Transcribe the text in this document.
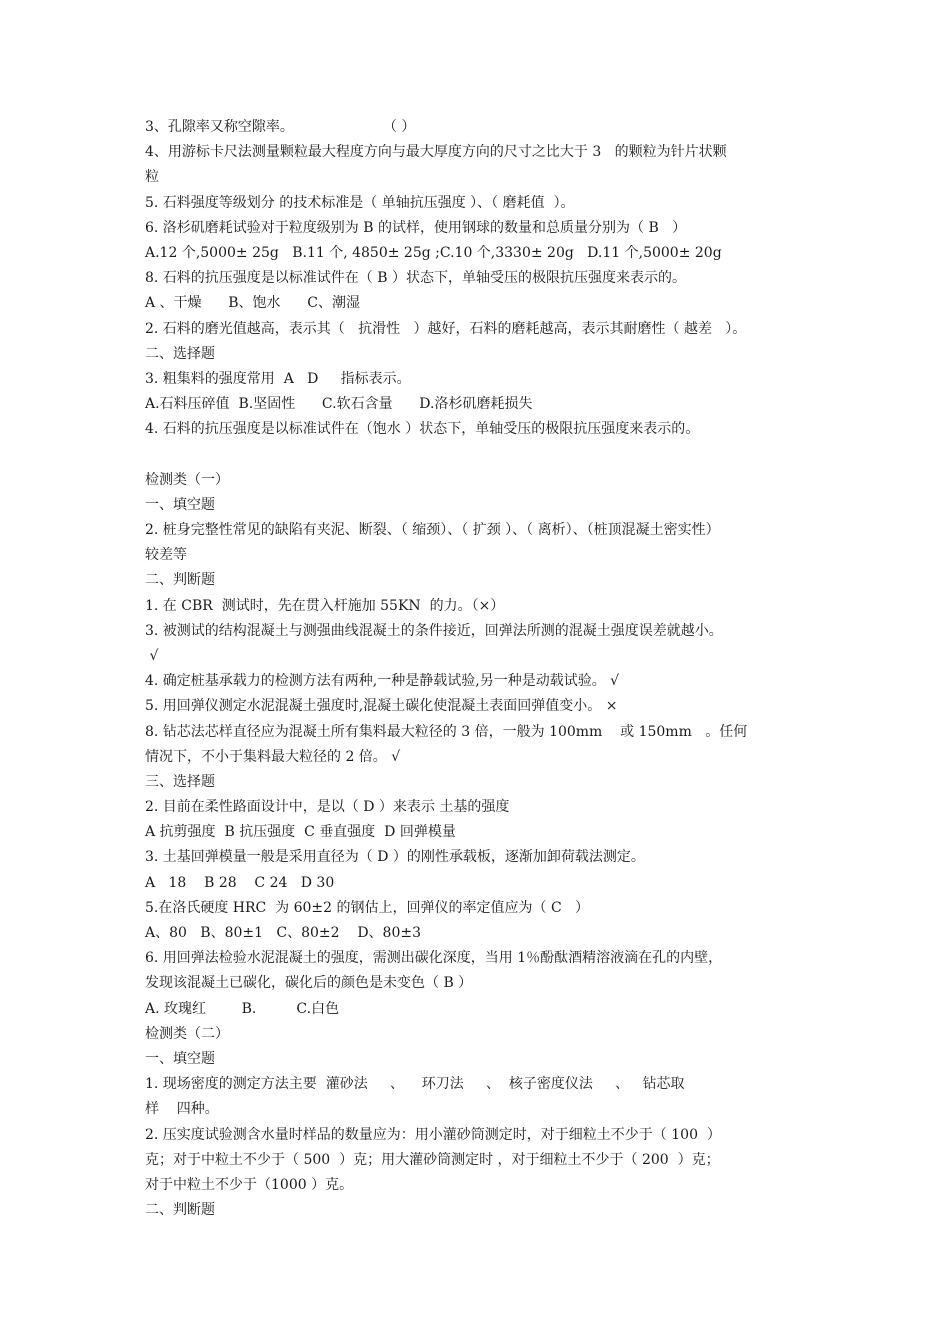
3、孔隙率又称空隙率。                    （ ）
4、用游标卡尺法测量颗粒最大程度方向与最大厚度方向的尺寸之比大于 3   的颗粒为针片状颗
粒
5. 石料强度等级划分 的技术标准是（ 单轴抗压强度 ）、（ 磨耗值  ）。
6. 洛杉矶磨耗试验对于粒度级别为 B 的试样，使用钢球的数量和总质量分别为（ B   ）
A.12 个,5000± 25g   B.11 个, 4850± 25g ;C.10 个,3330± 20g   D.11 个,5000± 20g
8. 石料的抗压强度是以标准试件在（ B ）状态下，单轴受压的极限抗压强度来表示的。
A 、干燥      B、饱水      C、潮湿
2. 石料的磨光值越高，表示其（   抗滑性   ）越好，石料的磨耗越高，表示其耐磨性（ 越差   ）。
二、选择题
3. 粗集料的强度常用  A   D     指标表示。
A.石料压碎值  B.坚固性      C.软石含量      D.洛杉矶磨耗损失
4. 石料的抗压强度是以标准试件在（饱水 ）状态下，单轴受压的极限抗压强度来表示的。
检测类（一）
一、填空题
2. 桩身完整性常见的缺陷有夹泥、断裂、（ 缩颈）、（ 扩颈 ）、（ 离析）、（桩顶混凝土密实性）
较差等
二、判断题
1. 在 CBR  测试时，先在贯入杆施加 55KN  的力。（×）
3. 被测试的结构混凝土与测强曲线混凝土的条件接近，回弹法所测的混凝土强度误差就越小。
√
4. 确定桩基承载力的检测方法有两种,一种是静载试验,另一种是动载试验。 √
5. 用回弹仪测定水泥混凝土强度时,混凝土碳化使混凝土表面回弹值变小。 ×
8. 钻芯法芯样直径应为混凝土所有集料最大粒径的 3 倍，一般为 100mm    或 150mm   。任何
情况下，不小于集料最大粒径的 2 倍。 √
三、选择题
2. 目前在柔性路面设计中，是以（ D ）来表示 土基的强度
A 抗剪强度  B 抗压强度  C 垂直强度  D 回弹模量
3. 土基回弹模量一般是采用直径为（ D ）的刚性承载板，逐渐加卸荷载法测定。
A   18    B 28    C 24   D 30
5.在洛氏硬度 HRC  为 60±2 的钢估上，回弹仪的率定值应为（ C   ）
A、80   B、80±1   C、80±2    D、80±3
6. 用回弹法检验水泥混凝土的强度，需测出碳化深度，当用 1％酚酞酒精溶液滴在孔的内壁，
发现该混凝土已碳化，碳化后的颜色是未变色（ B ）
A. 玫瑰红        B.         C.白色
检测类（二）
一、填空题
1. 现场密度的测定方法主要  灌砂法     、    环刀法     、  核子密度仪法     、   钻芯取
样    四种。
2. 压实度试验测含水量时样品的数量应为：用小灌砂筒测定时，对于细粒土不少于（ 100  ）
克；对于中粒土不少于（ 500  ）克；用大灌砂筒测定时 ，对于细粒土不少于（ 200  ）克；
对于中粒土不少于（1000 ）克。
二、判断题
